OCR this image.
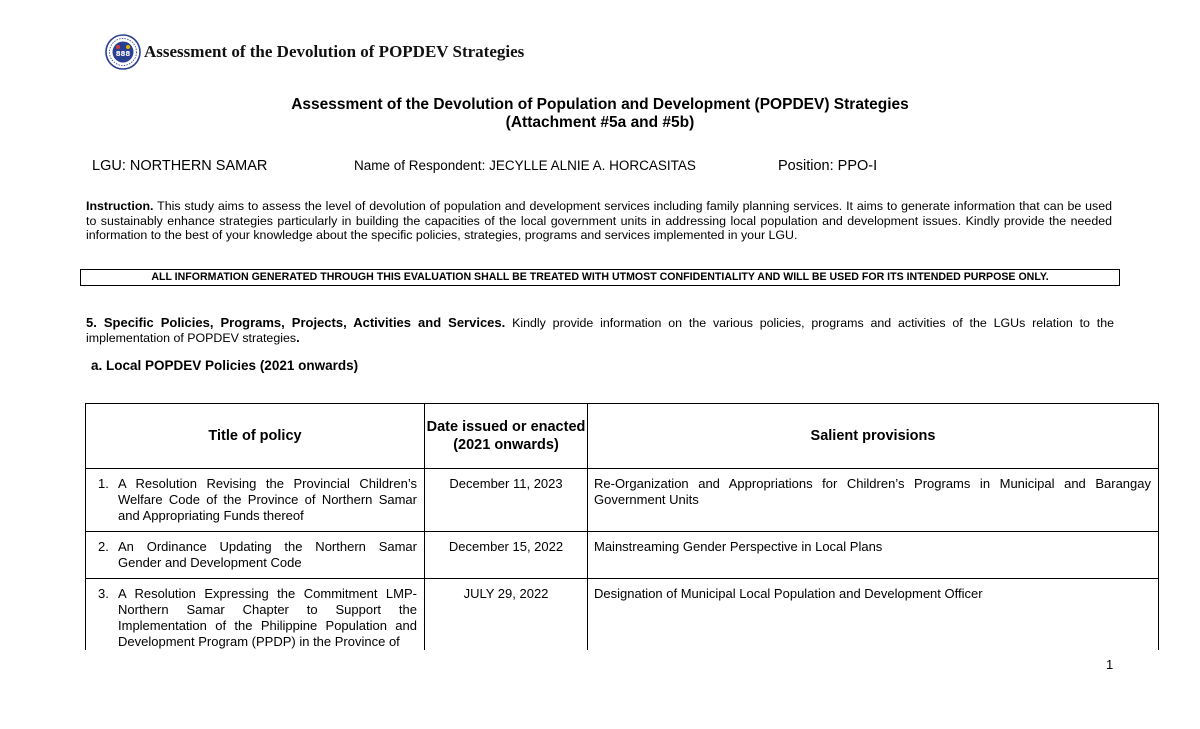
888 Assessment of the Devolution of POPDEV Strategies
Assessment of the Devolution of Population and Development (POPDEV) Strategies
(Attachment #5a and #5b)
LGU: NORTHERN SAMAR	Name of Respondent: JECYLLE ALNIE A. HORCASITAS	Position: PPO-I
Instruction. This study aims to assess the level of devolution of population and development services including family planning services. It aims to generate information that can be used to sustainably enhance strategies particularly in building the capacities of the local government units in addressing local population and development issues. Kindly provide the needed information to the best of your knowledge about the specific policies, strategies, programs and services implemented in your LGU.
ALL INFORMATION GENERATED THROUGH THIS EVALUATION SHALL BE TREATED WITH UTMOST CONFIDENTIALITY AND WILL BE USED FOR ITS INTENDED PURPOSE ONLY.
5. Specific Policies, Programs, Projects, Activities and Services. Kindly provide information on the various policies, programs and activities of the LGUs relation to the implementation of POPDEV strategies.
a. Local POPDEV Policies (2021 onwards)
Title of policy	Date issued or enacted (2021 onwards)	Salient provisions
1. A Resolution Revising the Provincial Children’s Welfare Code of the Province of Northern Samar and Appropriating Funds thereof	December 11, 2023	Re-Organization and Appropriations for Children’s Programs in Municipal and Barangay Government Units
2. An Ordinance Updating the Northern Samar Gender and Development Code	December 15, 2022	Mainstreaming Gender Perspective in Local Plans
3. A Resolution Expressing the Commitment LMP-Northern Samar Chapter to Support the Implementation of the Philippine Population and Development Program (PPDP) in the Province of	JULY 29, 2022	Designation of Municipal Local Population and Development Officer
1
